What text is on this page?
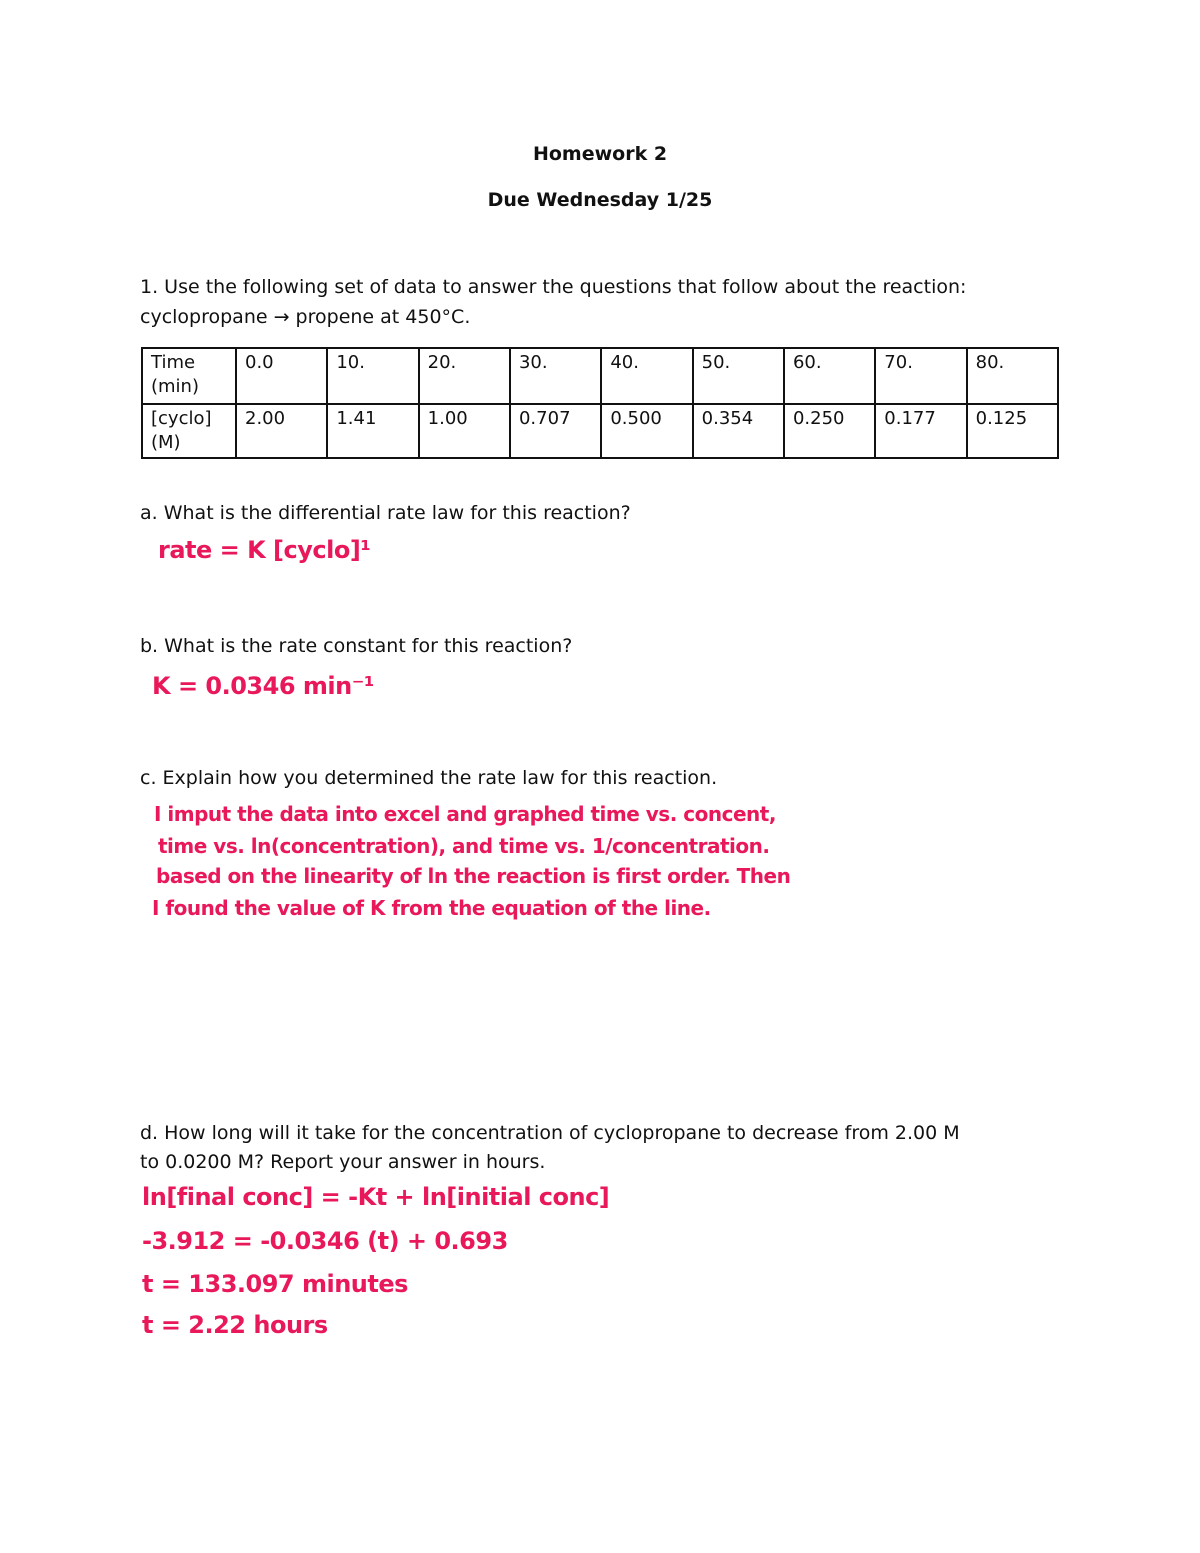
Homework 2
Due Wednesday 1/25
1. Use the following set of data to answer the questions that follow about the reaction:
cyclopropane → propene at 450°C.
Time (min)	0.0	10.	20.	30.	40.	50.	60.	70.	80.
[cyclo] (M)	2.00	1.41	1.00	0.707	0.500	0.354	0.250	0.177	0.125
a. What is the differential rate law for this reaction?
rate = K [cyclo]¹
b. What is the rate constant for this reaction?
K = 0.0346 min⁻¹
c. Explain how you determined the rate law for this reaction.
I imput the data into excel and graphed time vs. concent,
time vs. ln(concentration), and time vs. 1/concentration.
based on the linearity of ln the reaction is first order. Then
I found the value of K from the equation of the line.
d. How long will it take for the concentration of cyclopropane to decrease from 2.00 M
to 0.0200 M? Report your answer in hours.
ln[final conc] = -Kt + ln[initial conc]
-3.912 = -0.0346 (t) + 0.693
t = 133.097 minutes
t = 2.22 hours
